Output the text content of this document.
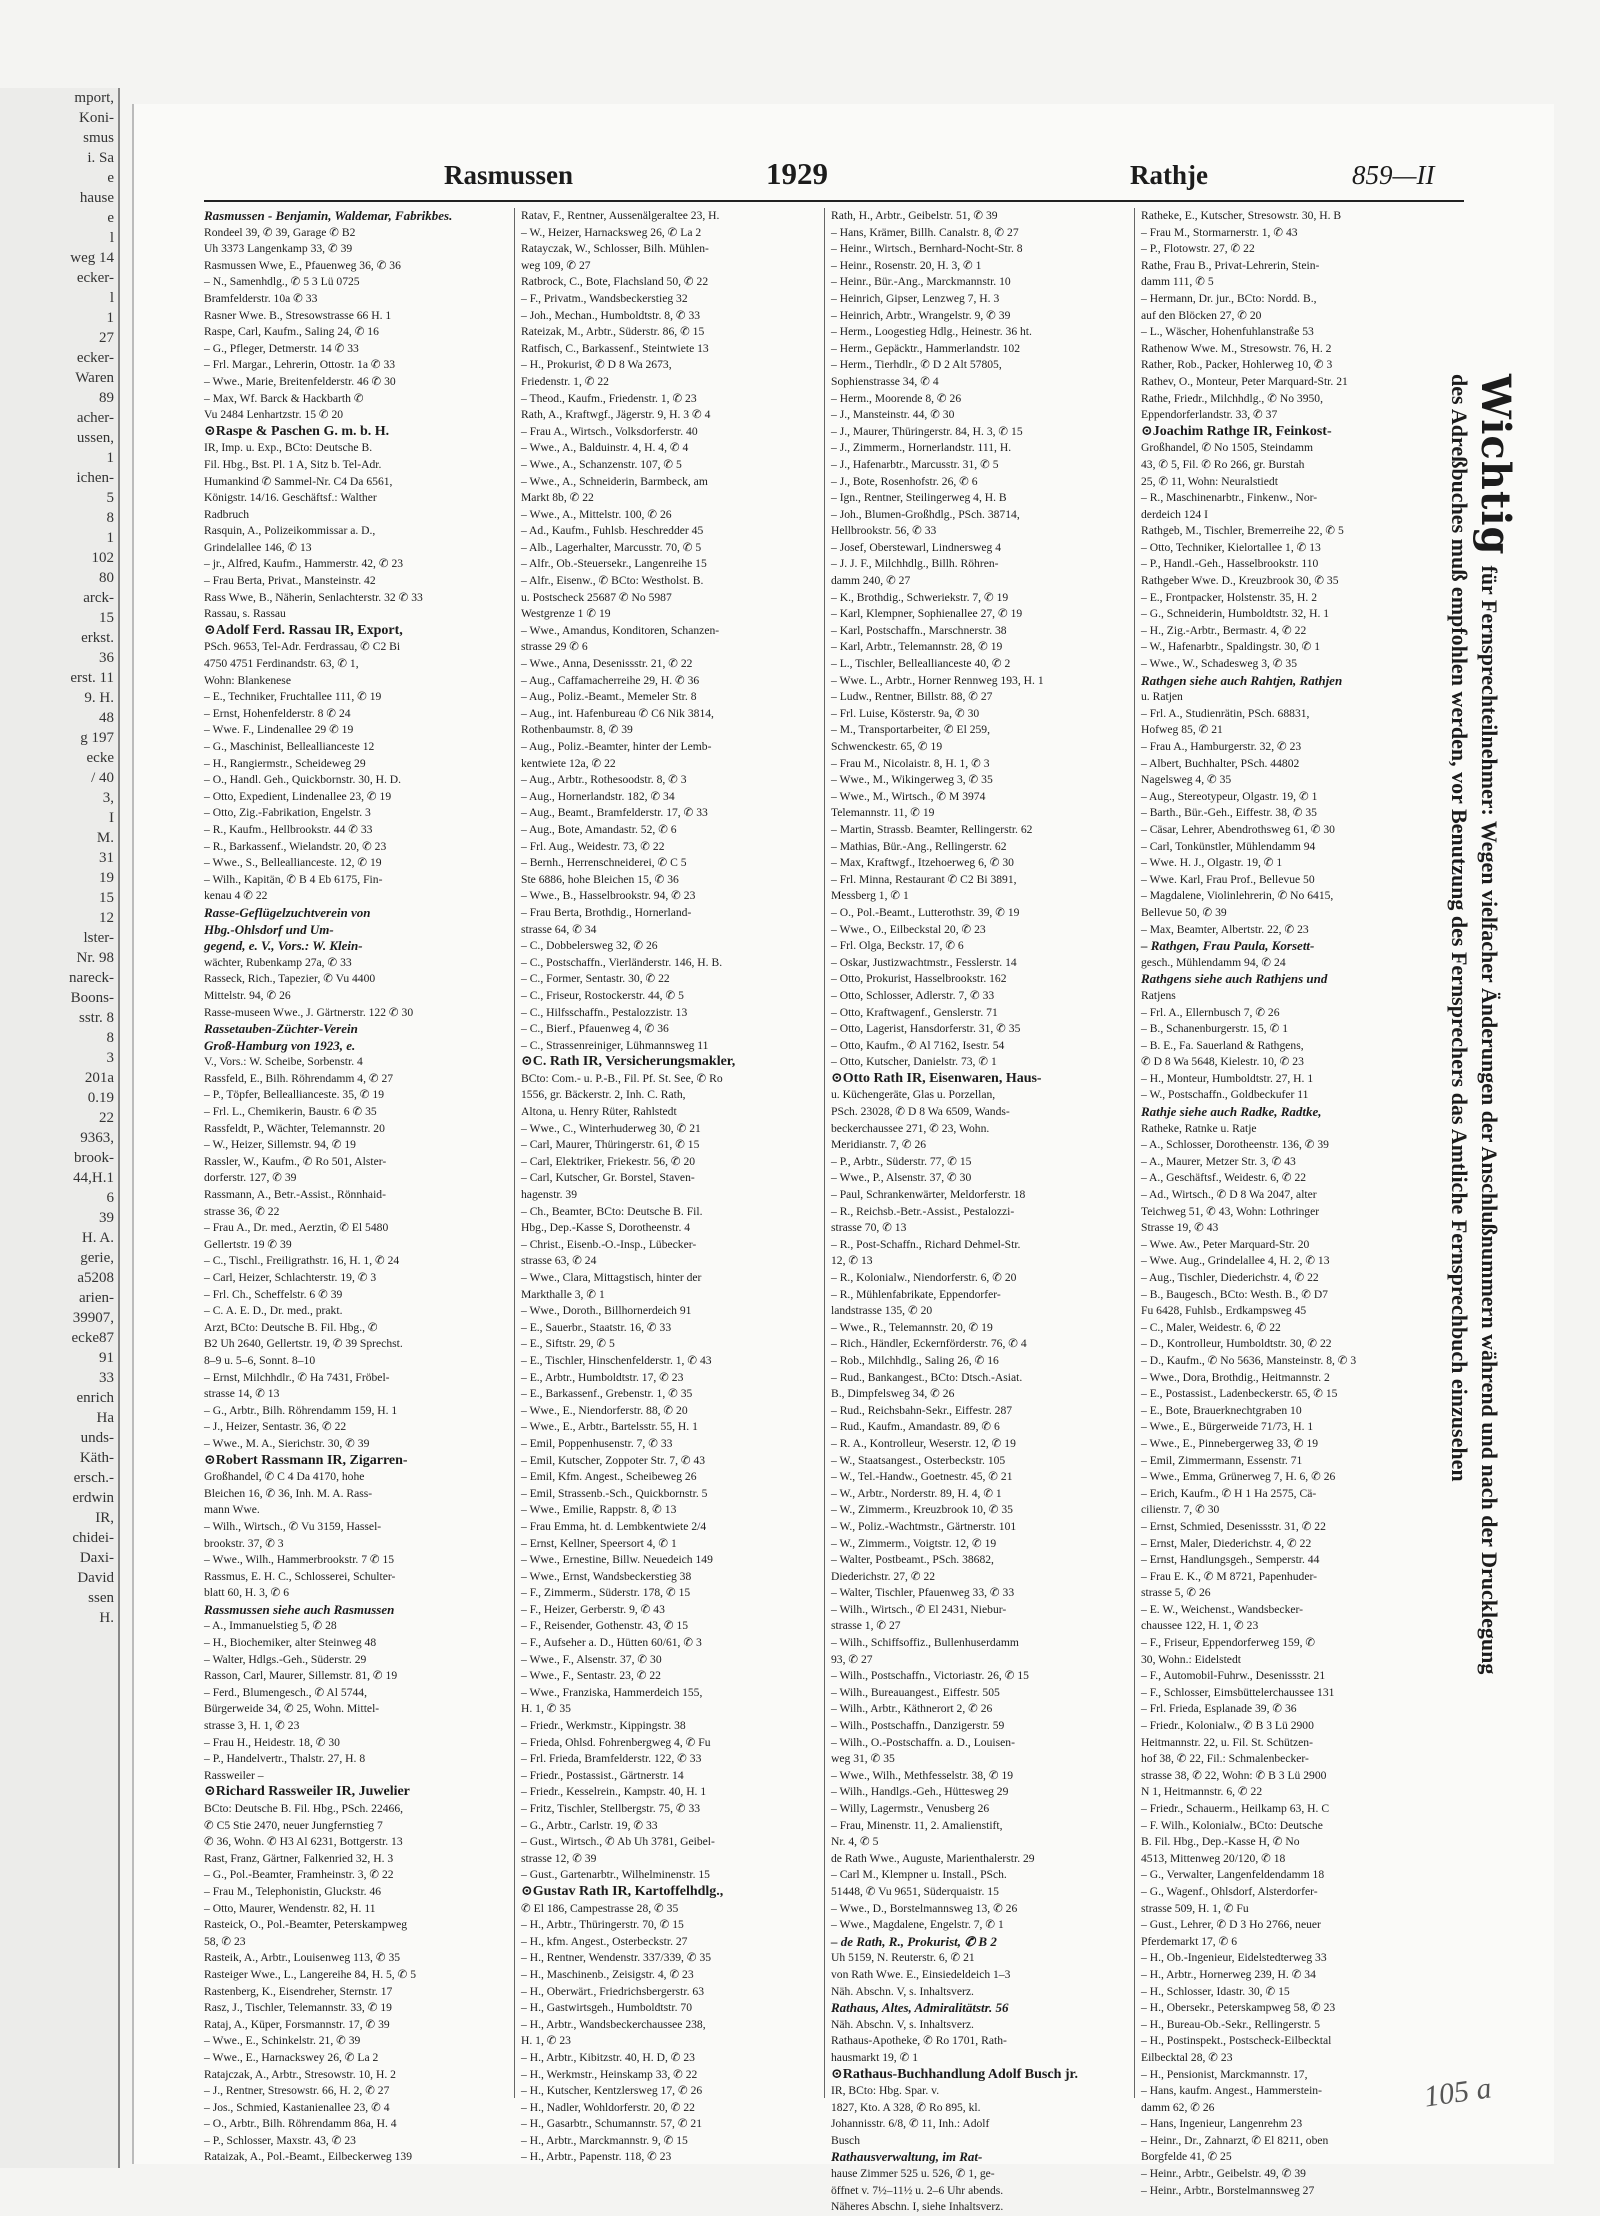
mport,
Koni-
smus
i. Sa
e
hause
e
l
weg 14
ecker-
l
1
27
ecker-
Waren
89
acher-
ussen,
1
ichen-
5
8
1
102
80
arck-
15
erkst.
36
erst. 11
9. H.
48
g 197
ecke
/ 40
3,
I
M.
31
19
15
12
lster-
Nr. 98
nareck-
Boons-
sstr. 8
8
3
201a
0.19
22
9363,
brook-
44,H.1
6
39
H. A.
gerie,
a5208
arien-
39907,
ecke87
91
33
enrich
Ha
unds-
Käth-
ersch.-
erdwin
IR,
chidei-
Daxi-
David
ssen
H.
Rasmussen	1929	Rathje	859—II
Rasmussen - Benjamin, Waldemar, Fabrikbes.
Rondeel 39, ✆ 39, Garage ✆ B2
Uh 3373 Langenkamp 33, ✆ 39
Rasmussen Wwe, E., Pfauenweg 36, ✆ 36
– N., Samenhdlg., ✆ 5 3 Lü 0725
Bramfelderstr. 10a ✆ 33
Rasner Wwe. B., Stresowstrasse 66 H. 1
Raspe, Carl, Kaufm., Saling 24, ✆ 16
– G., Pfleger, Detmerstr. 14 ✆ 33
– Frl. Margar., Lehrerin, Ottostr. 1a ✆ 33
– Wwe., Marie, Breitenfelderstr. 46 ✆ 30
– Max, Wf. Barck & Hackbarth ✆
Vu 2484 Lenhartzstr. 15 ✆ 20
⊙ Raspe & Paschen G. m. b. H.
IR, Imp. u. Exp., BCto: Deutsche B.
Fil. Hbg., Bst. Pl. 1 A, Sitz b. Tel-Adr.
Humankind ✆ Sammel-Nr. C4 Da 6561,
Königstr. 14/16. Geschäftsf.: Walther
Radbruch
Rasquin, A., Polizeikommissar a. D.,
Grindelallee 146, ✆ 13
– jr., Alfred, Kaufm., Hammerstr. 42, ✆ 23
– Frau Berta, Privat., Mansteinstr. 42
Rass Wwe, B., Näherin, Senlachterstr. 32 ✆ 33
Rassau, s. Rassau
⊙ Adolf Ferd. Rassau IR, Export,
PSch. 9653, Tel-Adr. Ferdrassau, ✆ C2 Bi
4750 4751 Ferdinandstr. 63, ✆ 1,
Wohn: Blankenese
– E., Techniker, Fruchtallee 111, ✆ 19
– Ernst, Hohenfelderstr. 8 ✆ 24
– Wwe. F., Lindenallee 29 ✆ 19
– G., Maschinist, Belleallianceste 12
– H., Rangiermstr., Scheideweg 29
– O., Handl. Geh., Quickbornstr. 30, H. D.
– Otto, Expedient, Lindenallee 23, ✆ 19
– Otto, Zig.-Fabrikation, Engelstr. 3
– R., Kaufm., Hellbrookstr. 44 ✆ 33
– R., Barkassenf., Wielandstr. 20, ✆ 23
– Wwe., S., Belleallianceste. 12, ✆ 19
– Wilh., Kapitän, ✆ B 4 Eb 6175, Fin-
kenau 4 ✆ 22
Rasse-Geflügelzuchtverein von
Hbg.-Ohlsdorf und Um-
gegend, e. V., Vors.: W. Klein-
wächter, Rubenkamp 27a, ✆ 33
Rasseck, Rich., Tapezier, ✆ Vu 4400
Mittelstr. 94, ✆ 26
Rasse-museen Wwe., J. Gärtnerstr. 122 ✆ 30
Rassetauben-Züchter-Verein
Groß-Hamburg von 1923, e.
V., Vors.: W. Scheibe, Sorbenstr. 4
Rassfeld, E., Bilh. Röhrendamm 4, ✆ 27
– P., Töpfer, Belleallianceste. 35, ✆ 19
– Frl. L., Chemikerin, Baustr. 6 ✆ 35
Rassfeldt, P., Wächter, Telemannstr. 20
– W., Heizer, Sillemstr. 94, ✆ 19
Rassler, W., Kaufm., ✆ Ro 501, Alster-
dorferstr. 127, ✆ 39
Rassmann, A., Betr.-Assist., Rönnhaid-
strasse 36, ✆ 22
– Frau A., Dr. med., Aerztin, ✆ El 5480
Gellertstr. 19 ✆ 39
– C., Tischl., Freiligrathstr. 16, H. 1, ✆ 24
– Carl, Heizer, Schlachterstr. 19, ✆ 3
– Frl. Ch., Scheffelstr. 6 ✆ 39
– C. A. E. D., Dr. med., prakt.
Arzt, BCto: Deutsche B. Fil. Hbg., ✆
B2 Uh 2640, Gellertstr. 19, ✆ 39 Sprechst.
8–9 u. 5–6, Sonnt. 8–10
– Ernst, Milchhdlr., ✆ Ha 7431, Fröbel-
strasse 14, ✆ 13
– G., Arbtr., Bilh. Röhrendamm 159, H. 1
– J., Heizer, Sentastr. 36, ✆ 22
– Wwe., M. A., Sierichstr. 30, ✆ 39
⊙ Robert Rassmann IR, Zigarren-
Großhandel, ✆ C 4 Da 4170, hohe
Bleichen 16, ✆ 36, Inh. M. A. Rass-
mann Wwe.
– Wilh., Wirtsch., ✆ Vu 3159, Hassel-
brookstr. 37, ✆ 3
– Wwe., Wilh., Hammerbrookstr. 7 ✆ 15
Rassmus, E. H. C., Schlosserei, Schulter-
blatt 60, H. 3, ✆ 6
Rassmussen siehe auch Rasmussen
– A., Immanuelstieg 5, ✆ 28
– H., Biochemiker, alter Steinweg 48
– Walter, Hdlgs.-Geh., Süderstr. 29
Rasson, Carl, Maurer, Sillemstr. 81, ✆ 19
– Ferd., Blumengesch., ✆ Al 5744,
Bürgerweide 34, ✆ 25, Wohn. Mittel-
strasse 3, H. 1, ✆ 23
– Frau H., Heidestr. 18, ✆ 30
– P., Handelvertr., Thalstr. 27, H. 8
Rassweiler –
⊙ Richard Rassweiler IR, Juwelier
BCto: Deutsche B. Fil. Hbg., PSch. 22466,
✆ C5 Stie 2470, neuer Jungfernstieg 7
✆ 36, Wohn. ✆ H3 Al 6231, Bottgerstr. 13
Rast, Franz, Gärtner, Falkenried 32, H. 3
– G., Pol.-Beamter, Framheinstr. 3, ✆ 22
– Frau M., Telephonistin, Gluckstr. 46
– Otto, Maurer, Wendenstr. 82, H. 11
Rasteick, O., Pol.-Beamter, Peterskampweg
58, ✆ 23
Rasteik, A., Arbtr., Louisenweg 113, ✆ 35
Rasteiger Wwe., L., Langereihe 84, H. 5, ✆ 5
Rastenberg, K., Eisendreher, Sternstr. 17
Rasz, J., Tischler, Telemannstr. 33, ✆ 19
Rataj, A., Küper, Forsmannstr. 17, ✆ 39
– Wwe., E., Schinkelstr. 21, ✆ 39
– Wwe., E., Harnackswey 26, ✆ La 2
Ratajczak, A., Arbtr., Stresowstr. 10, H. 2
– J., Rentner, Stresowstr. 66, H. 2, ✆ 27
– Jos., Schmied, Kastanienallee 23, ✆ 4
– O., Arbtr., Bilh. Röhrendamm 86a, H. 4
– P., Schlosser, Maxstr. 43, ✆ 23
Rataizak, A., Pol.-Beamt., Eilbeckerweg 139
Ratav, F., Rentner, Aussenälgeraltee 23, H.
– W., Heizer, Harnacksweg 26, ✆ La 2
Ratayczak, W., Schlosser, Bilh. Mühlen-
weg 109, ✆ 27
Ratbrock, C., Bote, Flachsland 50, ✆ 22
– F., Privatm., Wandsbeckerstieg 32
– Joh., Mechan., Humboldtstr. 8, ✆ 33
Rateizak, M., Arbtr., Süderstr. 86, ✆ 15
Ratfisch, C., Barkassenf., Steintwiete 13
– H., Prokurist, ✆ D 8 Wa 2673,
Friedenstr. 1, ✆ 22
– Theod., Kaufm., Friedenstr. 1, ✆ 23
Rath, A., Kraftwgf., Jägerstr. 9, H. 3 ✆ 4
– Frau A., Wirtsch., Volksdorferstr. 40
– Wwe., A., Balduinstr. 4, H. 4, ✆ 4
– Wwe., A., Schanzenstr. 107, ✆ 5
– Wwe., A., Schneiderin, Barmbeck, am
Markt 8b, ✆ 22
– Wwe., A., Mittelstr. 100, ✆ 26
– Ad., Kaufm., Fuhlsb. Heschredder 45
– Alb., Lagerhalter, Marcusstr. 70, ✆ 5
– Alfr., Ob.-Steuersekr., Langenreihe 15
– Alfr., Eisenw., ✆ BCto: Westholst. B.
u. Postscheck 25687 ✆ No 5987
Westgrenze 1 ✆ 19
– Wwe., Amandus, Konditoren, Schanzen-
strasse 29 ✆ 6
– Wwe., Anna, Desenissstr. 21, ✆ 22
– Aug., Caffamacherreihe 29, H. ✆ 36
– Aug., Poliz.-Beamt., Memeler Str. 8
– Aug., int. Hafenbureau ✆ C6 Nik 3814,
Rothenbaumstr. 8, ✆ 39
– Aug., Poliz.-Beamter, hinter der Lemb-
kentwiete 12a, ✆ 22
– Aug., Arbtr., Rothesoodstr. 8, ✆ 3
– Aug., Hornerlandstr. 182, ✆ 34
– Aug., Beamt., Bramfelderstr. 17, ✆ 33
– Aug., Bote, Amandastr. 52, ✆ 6
– Frl. Aug., Weidestr. 73, ✆ 22
– Bernh., Herrenschneiderei, ✆ C 5
Ste 6886, hohe Bleichen 15, ✆ 36
– Wwe., B., Hasselbrookstr. 94, ✆ 23
– Frau Berta, Brothdig., Hornerland-
strasse 64, ✆ 34
– C., Dobbelersweg 32, ✆ 26
– C., Postschaffn., Vierländerstr. 146, H. B.
– C., Former, Sentastr. 30, ✆ 22
– C., Friseur, Rostockerstr. 44, ✆ 5
– C., Hilfsschaffn., Pestalozzistr. 13
– C., Bierf., Pfauenweg 4, ✆ 36
– C., Strassenreiniger, Lühmannsweg 11
⊙ C. Rath IR, Versicherungsmakler,
BCto: Com.- u. P.-B., Fil. Pf. St. See, ✆ Ro
1556, gr. Bäckerstr. 2, Inh. C. Rath,
Altona, u. Henry Rüter, Rahlstedt
– Wwe., C., Winterhuderweg 30, ✆ 21
– Carl, Maurer, Thüringerstr. 61, ✆ 15
– Carl, Elektriker, Friekestr. 56, ✆ 20
– Carl, Kutscher, Gr. Borstel, Staven-
hagenstr. 39
– Ch., Beamter, BCto: Deutsche B. Fil.
Hbg., Dep.-Kasse S, Dorotheenstr. 4
– Christ., Eisenb.-O.-Insp., Lübecker-
strasse 63, ✆ 24
– Wwe., Clara, Mittagstisch, hinter der
Markthalle 3, ✆ 1
– Wwe., Doroth., Billhornerdeich 91
– E., Sauerbr., Staatstr. 16, ✆ 33
– E., Siftstr. 29, ✆ 5
– E., Tischler, Hinschenfelderstr. 1, ✆ 43
– E., Arbtr., Humboldtstr. 17, ✆ 23
– E., Barkassenf., Grebenstr. 1, ✆ 35
– Wwe., E., Niendorferstr. 88, ✆ 20
– Wwe., E., Arbtr., Bartelsstr. 55, H. 1
– Emil, Poppenhusenstr. 7, ✆ 33
– Emil, Kutscher, Zoppoter Str. 7, ✆ 43
– Emil, Kfm. Angest., Scheibeweg 26
– Emil, Strassenb.-Sch., Quickbornstr. 5
– Wwe., Emilie, Rappstr. 8, ✆ 13
– Frau Emma, ht. d. Lembkentwiete 2/4
– Ernst, Kellner, Speersort 4, ✆ 1
– Wwe., Ernestine, Billw. Neuedeich 149
– Wwe., Ernst, Wandsbeckerstieg 38
– F., Zimmerm., Süderstr. 178, ✆ 15
– F., Heizer, Gerberstr. 9, ✆ 43
– F., Reisender, Gothenstr. 43, ✆ 15
– F., Aufseher a. D., Hütten 60/61, ✆ 3
– Wwe., F., Alsenstr. 37, ✆ 30
– Wwe., F., Sentastr. 23, ✆ 22
– Wwe., Franziska, Hammerdeich 155,
H. 1, ✆ 35
– Friedr., Werkmstr., Kippingstr. 38
– Frieda, Ohlsd. Fohrenbergweg 4, ✆ Fu
– Frl. Frieda, Bramfelderstr. 122, ✆ 33
– Friedr., Postassist., Gärtnerstr. 14
– Friedr., Kesselrein., Kampstr. 40, H. 1
– Fritz, Tischler, Stellbergstr. 75, ✆ 33
– G., Arbtr., Carlstr. 19, ✆ 33
– Gust., Wirtsch., ✆ Ab Uh 3781, Geibel-
strasse 12, ✆ 39
– Gust., Gartenarbtr., Wilhelminenstr. 15
⊙ Gustav Rath IR, Kartoffelhdlg.,
✆ El 186, Campestrasse 28, ✆ 35
– H., Arbtr., Thüringerstr. 70, ✆ 15
– H., kfm. Angest., Osterbeckstr. 27
– H., Rentner, Wendenstr. 337/339, ✆ 35
– H., Maschinenb., Zeisigstr. 4, ✆ 23
– H., Oberwärt., Friedrichsbergerstr. 63
– H., Gastwirtsgeh., Humboldtstr. 70
– H., Arbtr., Wandsbeckerchaussee 238,
H. 1, ✆ 23
– H., Arbtr., Kibitzstr. 40, H. D, ✆ 23
– H., Werkmstr., Heinskamp 33, ✆ 22
– H., Kutscher, Kentzlersweg 17, ✆ 26
– H., Nadler, Wohldorferstr. 20, ✆ 22
– H., Gasarbtr., Schumannstr. 57, ✆ 21
– H., Arbtr., Marckmannstr. 9, ✆ 15
– H., Arbtr., Papenstr. 118, ✆ 23
Rath, H., Arbtr., Geibelstr. 51, ✆ 39
– Hans, Krämer, Billh. Canalstr. 8, ✆ 27
– Heinr., Wirtsch., Bernhard-Nocht-Str. 8
– Heinr., Rosenstr. 20, H. 3, ✆ 1
– Heinr., Bür.-Ang., Marckmannstr. 10
– Heinrich, Gipser, Lenzweg 7, H. 3
– Heinrich, Arbtr., Wrangelstr. 9, ✆ 39
– Herm., Loogestieg Hdlg., Heinestr. 36 ht.
– Herm., Gepäcktr., Hammerlandstr. 102
– Herm., Tierhdlr., ✆ D 2 Alt 57805,
Sophienstrasse 34, ✆ 4
– Herm., Moorende 8, ✆ 26
– J., Mansteinstr. 44, ✆ 30
– J., Maurer, Thüringerstr. 84, H. 3, ✆ 15
– J., Zimmerm., Hornerlandstr. 111, H.
– J., Hafenarbtr., Marcusstr. 31, ✆ 5
– J., Bote, Rosenhofstr. 26, ✆ 6
– Ign., Rentner, Steilingerweg 4, H. B
– Joh., Blumen-Großhdlg., PSch. 38714,
Hellbrookstr. 56, ✆ 33
– Josef, Oberstewarl, Lindnersweg 4
– J. J. F., Milchhdlg., Billh. Röhren-
damm 240, ✆ 27
– K., Brothdig., Schweriekstr. 7, ✆ 19
– Karl, Klempner, Sophienallee 27, ✆ 19
– Karl, Postschaffn., Marschnerstr. 38
– Karl, Arbtr., Telemannstr. 28, ✆ 19
– L., Tischler, Belleallianceste 40, ✆ 2
– Wwe. L., Arbtr., Horner Rennweg 193, H. 1
– Ludw., Rentner, Billstr. 88, ✆ 27
– Frl. Luise, Kösterstr. 9a, ✆ 30
– M., Transportarbeiter, ✆ El 259,
Schwenckestr. 65, ✆ 19
– Frau M., Nicolaistr. 8, H. 1, ✆ 3
– Wwe., M., Wikingerweg 3, ✆ 35
– Wwe., M., Wirtsch., ✆ M 3974
Telemannstr. 11, ✆ 19
– Martin, Strassb. Beamter, Rellingerstr. 62
– Mathias, Bür.-Ang., Rellingerstr. 62
– Max, Kraftwgf., Itzehoerweg 6, ✆ 30
– Frl. Minna, Restaurant ✆ C2 Bi 3891,
Messberg 1, ✆ 1
– O., Pol.-Beamt., Lutterothstr. 39, ✆ 19
– Wwe., O., Eilbeckstal 20, ✆ 23
– Frl. Olga, Beckstr. 17, ✆ 6
– Oskar, Justizwachtmstr., Fesslerstr. 14
– Otto, Prokurist, Hasselbrookstr. 162
– Otto, Schlosser, Adlerstr. 7, ✆ 33
– Otto, Kraftwagenf., Genslerstr. 71
– Otto, Lagerist, Hansdorferstr. 31, ✆ 35
– Otto, Kaufm., ✆ Al 7162, Isestr. 54
– Otto, Kutscher, Danielstr. 73, ✆ 1
⊙ Otto Rath IR, Eisenwaren, Haus-
u. Küchengeräte, Glas u. Porzellan,
PSch. 23028, ✆ D 8 Wa 6509, Wands-
beckerchaussee 271, ✆ 23, Wohn.
Meridianstr. 7, ✆ 26
– P., Arbtr., Süderstr. 77, ✆ 15
– Wwe., P., Alsenstr. 37, ✆ 30
– Paul, Schrankenwärter, Meldorferstr. 18
– R., Reichsb.-Betr.-Assist., Pestalozzi-
strasse 70, ✆ 13
– R., Post-Schaffn., Richard Dehmel-Str.
12, ✆ 13
– R., Kolonialw., Niendorferstr. 6, ✆ 20
– R., Mühlenfabrikate, Eppendorfer-
landstrasse 135, ✆ 20
– Wwe., R., Telemannstr. 20, ✆ 19
– Rich., Händler, Eckernförderstr. 76, ✆ 4
– Rob., Milchhdlg., Saling 26, ✆ 16
– Rud., Bankangest., BCto: Dtsch.-Asiat.
B., Dimpfelsweg 34, ✆ 26
– Rud., Reichsbahn-Sekr., Eiffestr. 287
– Rud., Kaufm., Amandastr. 89, ✆ 6
– R. A., Kontrolleur, Weserstr. 12, ✆ 19
– W., Staatsangest., Osterbeckstr. 105
– W., Tel.-Handw., Goetnestr. 45, ✆ 21
– W., Arbtr., Norderstr. 89, H. 4, ✆ 1
– W., Zimmerm., Kreuzbrook 10, ✆ 35
– W., Poliz.-Wachtmstr., Gärtnerstr. 101
– W., Zimmerm., Voigtstr. 12, ✆ 19
– Walter, Postbeamt., PSch. 38682,
Diederichstr. 27, ✆ 22
– Walter, Tischler, Pfauenweg 33, ✆ 33
– Wilh., Wirtsch., ✆ El 2431, Niebur-
strasse 1, ✆ 27
– Wilh., Schiffsoffiz., Bullenhuserdamm
93, ✆ 27
– Wilh., Postschaffn., Victoriastr. 26, ✆ 15
– Wilh., Bureauangest., Eiffestr. 505
– Wilh., Arbtr., Käthnerort 2, ✆ 26
– Wilh., Postschaffn., Danzigerstr. 59
– Wilh., O.-Postschaffn. a. D., Louisen-
weg 31, ✆ 35
– Wwe., Wilh., Methfesselstr. 38, ✆ 19
– Wilh., Handlgs.-Geh., Hüttesweg 29
– Willy, Lagermstr., Venusberg 26
– Frau, Minenstr. 11, 2. Amalienstift,
Nr. 4, ✆ 5
de Rath Wwe., Auguste, Marienthalerstr. 29
– Carl M., Klempner u. Install., PSch.
51448, ✆ Vu 9651, Süderquaistr. 15
– Wwe., D., Borstelmannsweg 13, ✆ 26
– Wwe., Magdalene, Engelstr. 7, ✆ 1
– de Rath, R., Prokurist, ✆ B 2
Uh 5159, N. Reuterstr. 6, ✆ 21
von Rath Wwe. E., Einsiedeldeich 1–3
Näh. Abschn. V, s. Inhaltsverz.
Rathaus, Altes, Admiralitätstr. 56
Näh. Abschn. V, s. Inhaltsverz.
Rathaus-Apotheke, ✆ Ro 1701, Rath-
hausmarkt 19, ✆ 1
⊙ Rathaus-Buchhandlung Adolf Busch jr.
IR, BCto: Hbg. Spar. v.
1827, Kto. A 328, ✆ Ro 895, kl.
Johannisstr. 6/8, ✆ 11, Inh.: Adolf
Busch
Rathausverwaltung, im Rat-
hause Zimmer 525 u. 526, ✆ 1, ge-
öffnet v. 7½–11½ u. 2–6 Uhr abends.
Näheres Abschn. I, siehe Inhaltsverz.
Ratheke, E., Kutscher, Stresowstr. 30, H. B
– Frau M., Stormarnerstr. 1, ✆ 43
– P., Flotowstr. 27, ✆ 22
Rathe, Frau B., Privat-Lehrerin, Stein-
damm 111, ✆ 5
– Hermann, Dr. jur., BCto: Nordd. B.,
auf den Blöcken 27, ✆ 20
– L., Wäscher, Hohenfuhlanstraße 53
Rathenow Wwe. M., Stresowstr. 76, H. 2
Rather, Rob., Packer, Hohlerweg 10, ✆ 3
Rathev, O., Monteur, Peter Marquard-Str. 21
Rathe, Friedr., Milchhdlg., ✆ No 3950,
Eppendorferlandstr. 33, ✆ 37
⊙ Joachim Rathge IR, Feinkost-
Großhandel, ✆ No 1505, Steindamm
43, ✆ 5, Fil. ✆ Ro 266, gr. Burstah
25, ✆ 11, Wohn: Neuralstiedt
– R., Maschinenarbtr., Finkenw., Nor-
derdeich 124 I
Rathgeb, M., Tischler, Bremerreihe 22, ✆ 5
– Otto, Techniker, Kielortallee 1, ✆ 13
– P., Handl.-Geh., Hasselbrookstr. 110
Rathgeber Wwe. D., Kreuzbrook 30, ✆ 35
– E., Frontpacker, Holstenstr. 35, H. 2
– G., Schneiderin, Humboldtstr. 32, H. 1
– H., Zig.-Arbtr., Bermastr. 4, ✆ 22
– W., Hafenarbtr., Spaldingstr. 30, ✆ 1
– Wwe., W., Schadesweg 3, ✆ 35
Rathgen siehe auch Rahtjen, Rathjen
u. Ratjen
– Frl. A., Studienrätin, PSch. 68831,
Hofweg 85, ✆ 21
– Frau A., Hamburgerstr. 32, ✆ 23
– Albert, Buchhalter, PSch. 44802
Nagelsweg 4, ✆ 35
– Aug., Stereotypeur, Olgastr. 19, ✆ 1
– Barth., Bür.-Geh., Eiffestr. 38, ✆ 35
– Cäsar, Lehrer, Abendrothsweg 61, ✆ 30
– Carl, Tonkünstler, Mühlendamm 94
– Wwe. H. J., Olgastr. 19, ✆ 1
– Wwe. Karl, Frau Prof., Bellevue 50
– Magdalene, Violinlehrerin, ✆ No 6415,
Bellevue 50, ✆ 39
– Max, Beamter, Albertstr. 22, ✆ 23
– Rathgen, Frau Paula, Korsett-
gesch., Mühlendamm 94, ✆ 24
Rathgens siehe auch Rathjens und
Ratjens
– Frl. A., Ellernbusch 7, ✆ 26
– B., Schanenburgerstr. 15, ✆ 1
– B. E., Fa. Sauerland & Rathgens,
✆ D 8 Wa 5648, Kielestr. 10, ✆ 23
– H., Monteur, Humboldtstr. 27, H. 1
– W., Postschaffn., Goldbeckufer 11
Rathje siehe auch Radke, Radtke,
Ratheke, Ratnke u. Ratje
– A., Schlosser, Dorotheenstr. 136, ✆ 39
– A., Maurer, Metzer Str. 3, ✆ 43
– A., Geschäftsf., Weidestr. 6, ✆ 22
– Ad., Wirtsch., ✆ D 8 Wa 2047, alter
Teichweg 51, ✆ 43, Wohn: Lothringer
Strasse 19, ✆ 43
– Wwe. Aw., Peter Marquard-Str. 20
– Wwe. Aug., Grindelallee 4, H. 2, ✆ 13
– Aug., Tischler, Diederichstr. 4, ✆ 22
– B., Baugesch., BCto: Westh. B., ✆ D7
Fu 6428, Fuhlsb., Erdkampsweg 45
– C., Maler, Weidestr. 6, ✆ 22
– D., Kontrolleur, Humboldtstr. 30, ✆ 22
– D., Kaufm., ✆ No 5636, Mansteinstr. 8, ✆ 3
– Wwe., Dora, Brothdig., Heitmannstr. 2
– E., Postassist., Ladenbeckerstr. 65, ✆ 15
– E., Bote, Brauerknechtgraben 10
– Wwe., E., Bürgerweide 71/73, H. 1
– Wwe., E., Pinnebergerweg 33, ✆ 19
– Emil, Zimmermann, Essenstr. 71
– Wwe., Emma, Grünerweg 7, H. 6, ✆ 26
– Erich, Kaufm., ✆ H 1 Ha 2575, Cä-
cilienstr. 7, ✆ 30
– Ernst, Schmied, Desenissstr. 31, ✆ 22
– Ernst, Maler, Diederichstr. 4, ✆ 22
– Ernst, Handlungsgeh., Semperstr. 44
– Frau E. K., ✆ M 8721, Papenhuder-
strasse 5, ✆ 26
– E. W., Weichenst., Wandsbecker-
chaussee 122, H. 1, ✆ 23
– F., Friseur, Eppendorferweg 159, ✆
30, Wohn.: Eidelstedt
– F., Automobil-Fuhrw., Desenissstr. 21
– F., Schlosser, Eimsbüttelerchaussee 131
– Frl. Frieda, Esplanade 39, ✆ 36
– Friedr., Kolonialw., ✆ B 3 Lü 2900
Heitmannstr. 22, u. Fil. St. Schützen-
hof 38, ✆ 22, Fil.: Schmalenbecker-
strasse 38, ✆ 22, Wohn: ✆ B 3 Lü 2900
N 1, Heitmannstr. 6, ✆ 22
– Friedr., Schauerm., Heilkamp 63, H. C
– F. Wilh., Kolonialw., BCto: Deutsche
B. Fil. Hbg., Dep.-Kasse H, ✆ No
4513, Mittenweg 20/120, ✆ 18
– G., Verwalter, Langenfeldendamm 18
– G., Wagenf., Ohlsdorf, Alsterdorfer-
strasse 509, H. 1, ✆ Fu
– Gust., Lehrer, ✆ D 3 Ho 2766, neuer
Pferdemarkt 17, ✆ 6
– H., Ob.-Ingenieur, Eidelstedterweg 33
– H., Arbtr., Hornerweg 239, H. ✆ 34
– H., Schlosser, Idastr. 30, ✆ 15
– H., Obersekr., Peterskampweg 58, ✆ 23
– H., Bureau-Ob.-Sekr., Rellingerstr. 5
– H., Postinspekt., Postscheck-Eilbecktal
Eilbecktal 28, ✆ 23
– H., Pensionist, Marckmannstr. 17,
– Hans, kaufm. Angest., Hammerstein-
damm 62, ✆ 26
– Hans, Ingenieur, Langenrehm 23
– Heinr., Dr., Zahnarzt, ✆ El 8211, oben
Borgfelde 41, ✆ 25
– Heinr., Arbtr., Geibelstr. 49, ✆ 39
– Heinr., Arbtr., Borstelmannsweg 27
Wichtigfür Fernsprechteilnehmer: Wegen vielfacher Änderungen der Anschlußnummern während und nach der Drucklegung
des Adreßbuches muß empfohlen werden, vor Benutzung des Fernsprechers das Amtliche Fernsprechbuch einzusehen
105 a
